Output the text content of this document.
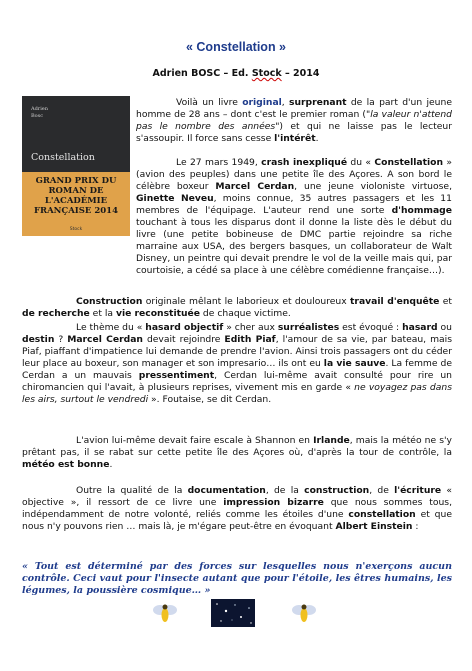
« Constellation »
Adrien BOSC – Ed. Stock – 2014
Adrien
Bosc
Constellation
GRAND PRIX DU ROMAN DE L'ACADÉMIE FRANÇAISE 2014
Stock

Voilà un livre original, surprenant de la part d'un jeune homme de 28 ans – dont c'est le premier roman ("la valeur n'attend pas le nombre des années") et qui ne laisse pas le lecteur s'assoupir. Il force sans cesse l'intérêt.

Le 27 mars 1949, crash inexpliqué du « Constellation » (avion des peuples) dans une petite île des Açores. A son bord le célèbre boxeur Marcel Cerdan, une jeune violoniste virtuose, Ginette Neveu, moins connue, 35 autres passagers et les 11 membres de l'équipage. L'auteur rend une sorte d'hommage touchant à tous les disparus dont il donne la liste dès le début du livre (une petite bobineuse de DMC partie rejoindre sa riche marraine aux USA, des bergers basques, un collaborateur de Walt Disney, un peintre qui devait prendre le vol de la veille mais qui, par courtoisie, a cédé sa place à une célèbre comédienne française…).

Construction originale mêlant le laborieux et douloureux travail d'enquête et de recherche et la vie reconstituée de chaque victime.

Le thème du « hasard objectif » cher aux surréalistes est évoqué : hasard ou destin ? Marcel Cerdan devait rejoindre Edith Piaf, l'amour de sa vie, par bateau, mais Piaf, piaffant d'impatience lui demande de prendre l'avion. Ainsi trois passagers ont du céder leur place au boxeur, son manager et son impresario… ils ont eu la vie sauve. La femme de Cerdan a un mauvais pressentiment, Cerdan lui-même avait consulté pour rire un chiromancien qui l'avait, à plusieurs reprises, vivement mis en garde « ne voyagez pas dans les airs, surtout le vendredi ». Foutaise, se dit Cerdan.

L'avion lui-même devait faire escale à Shannon en Irlande, mais la météo ne s'y prêtant pas, il se rabat sur cette petite île des Açores où, d'après la tour de contrôle, la météo est bonne.

Outre la qualité de la documentation, de la construction, de l'écriture « objective », il ressort de ce livre une impression bizarre que nous sommes tous, indépendamment de notre volonté, reliés comme les étoiles d'une constellation et que nous n'y pouvons rien … mais là, je m'égare peut-être en évoquant Albert Einstein :

« Tout est déterminé par des forces sur lesquelles nous n'exerçons aucun contrôle. Ceci vaut pour l'insecte autant que pour l'étoile, les êtres humains, les légumes, la poussière cosmique… »
